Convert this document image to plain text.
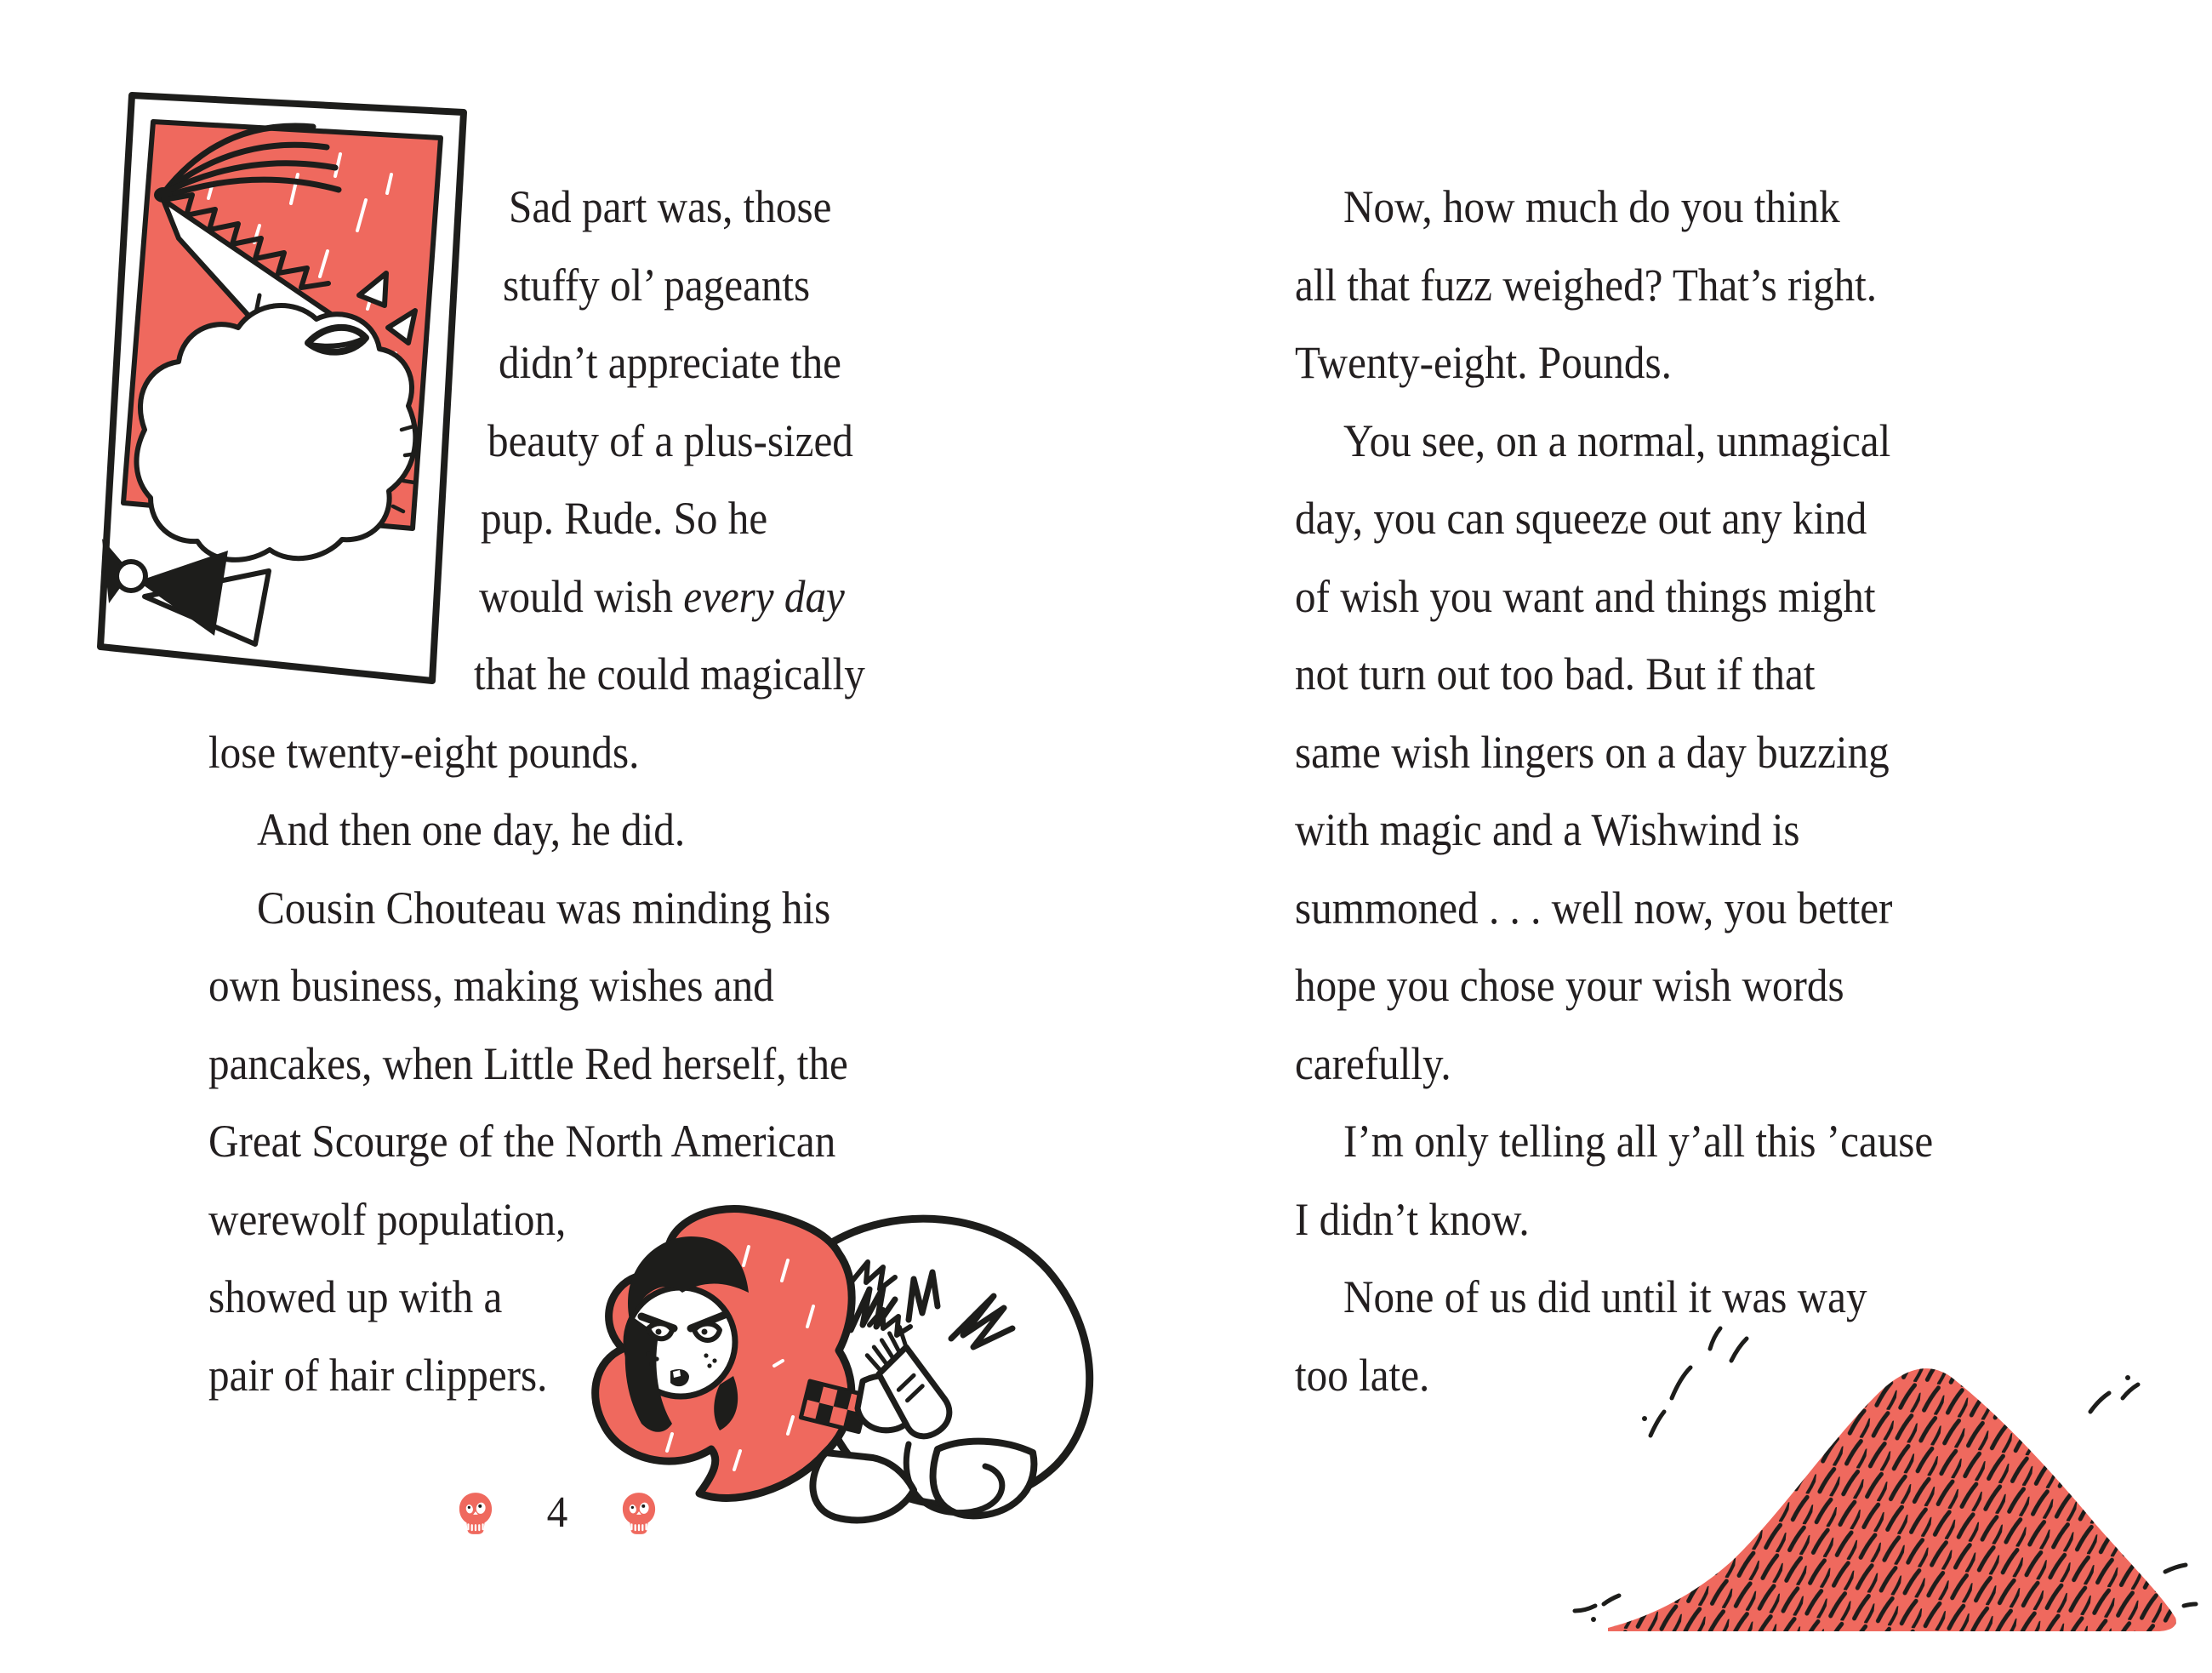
Sad part was, those
stuffy ol’ pageants
didn’t appreciate the
beauty of a plus-sized
pup. Rude. So he
would wish every day
that he could magically
lose twenty-eight pounds.
And then one day, he did.
Cousin Chouteau was minding his
own business, making wishes and
pancakes, when Little Red herself, the
Great Scourge of the North American
werewolf population,
showed up with a
pair of hair clippers.
Now, how much do you think
all that fuzz weighed? That’s right.
Twenty-eight. Pounds.
You see, on a normal, unmagical
day, you can squeeze out any kind
of wish you want and things might
not turn out too bad. But if that
same wish lingers on a day buzzing
with magic and a Wishwind is
summoned . . . well now, you better
hope you chose your wish words
carefully.
I’m only telling all y’all this ’cause
I didn’t know.
None of us did until it was way
too late.
4
